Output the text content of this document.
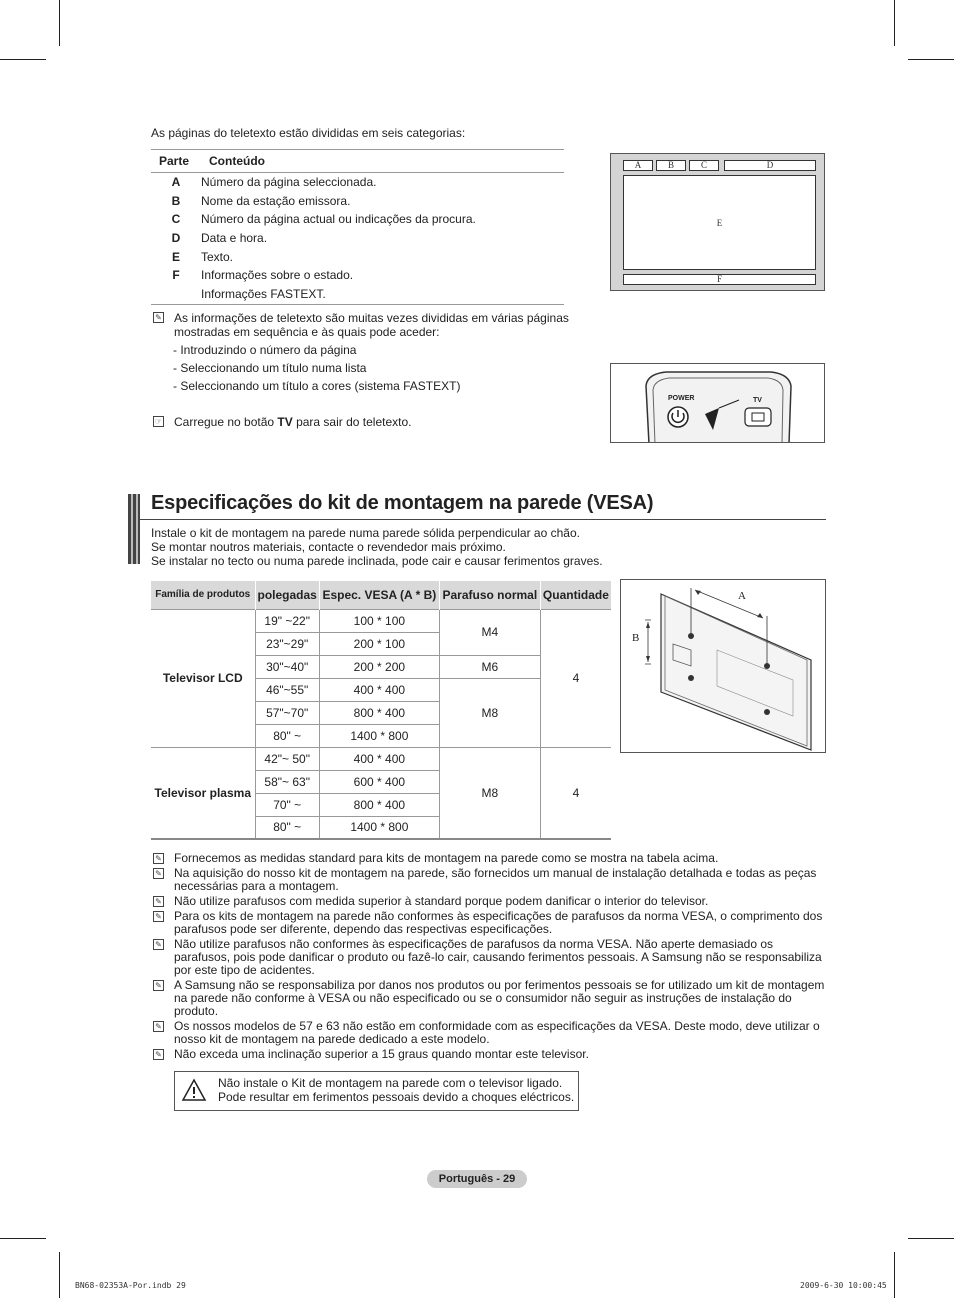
As páginas do teletexto estão divididas em seis categorias:
Parte	Conteúdo
A	Número da página seleccionada.
B	Nome da estação emissora.
C	Número da página actual ou indicações da procura.
D	Data e hora.
E	Texto.
F	Informações sobre o estado.
	Informações FASTEXT.
✎ As informações de teletexto são muitas vezes divididas em várias páginas mostradas em sequência e às quais pode aceder:
- Introduzindo o número da página
- Seleccionando um título numa lista
- Seleccionando um título a cores (sistema FASTEXT)
☞ Carregue no botão TV para sair do teletexto.
A	B	C	D
E
F
POWER	TV
Especificações do kit de montagem na parede (VESA)
Instale o kit de montagem na parede numa parede sólida perpendicular ao chão.
Se montar noutros materiais, contacte o revendedor mais próximo.
Se instalar no tecto ou numa parede inclinada, pode cair e causar ferimentos graves.
Família de produtos	polegadas	Espec. VESA (A * B)	Parafuso normal	Quantidade
Televisor LCD	19" ~22"	100 * 100	M4	4
	23"~29"	200 * 100		
	30"~40"	200 * 200	M6	
	46"~55"	400 * 400	M8	
	57"~70"	800 * 400		
	80" ~	1400 * 800		
Televisor plasma	42"~ 50"	400 * 400	M8	4
	58"~ 63"	600 * 400		
	70" ~	800 * 400		
	80" ~	1400 * 800		
A
B
✎ Fornecemos as medidas standard para kits de montagem na parede como se mostra na tabela acima.
✎ Na aquisição do nosso kit de montagem na parede, são fornecidos um manual de instalação detalhada e todas as peças necessárias para a montagem.
✎ Não utilize parafusos com medida superior à standard porque podem danificar o interior do televisor.
✎ Para os kits de montagem na parede não conformes às especificações de parafusos da norma VESA, o comprimento dos parafusos pode ser diferente, dependo das respectivas especificações.
✎ Não utilize parafusos não conformes às especificações de parafusos da norma VESA. Não aperte demasiado os parafusos, pois pode danificar o produto ou fazê-lo cair, causando ferimentos pessoais. A Samsung não se responsabiliza por este tipo de acidentes.
✎ A Samsung não se responsabiliza por danos nos produtos ou por ferimentos pessoais se for utilizado um kit de montagem na parede não conforme à VESA ou não especificado ou se o consumidor não seguir as instruções de instalação do produto.
✎ Os nossos modelos de 57 e 63 não estão em conformidade com as especificações da VESA. Deste modo, deve utilizar o nosso kit de montagem na parede dedicado a este modelo.
✎ Não exceda uma inclinação superior a 15 graus quando montar este televisor.
Não instale o Kit de montagem na parede com o televisor ligado.
Pode resultar em ferimentos pessoais devido a choques eléctricos.
Português - 29
BN68-02353A-Por.indb 29	2009-6-30 10:00:45
